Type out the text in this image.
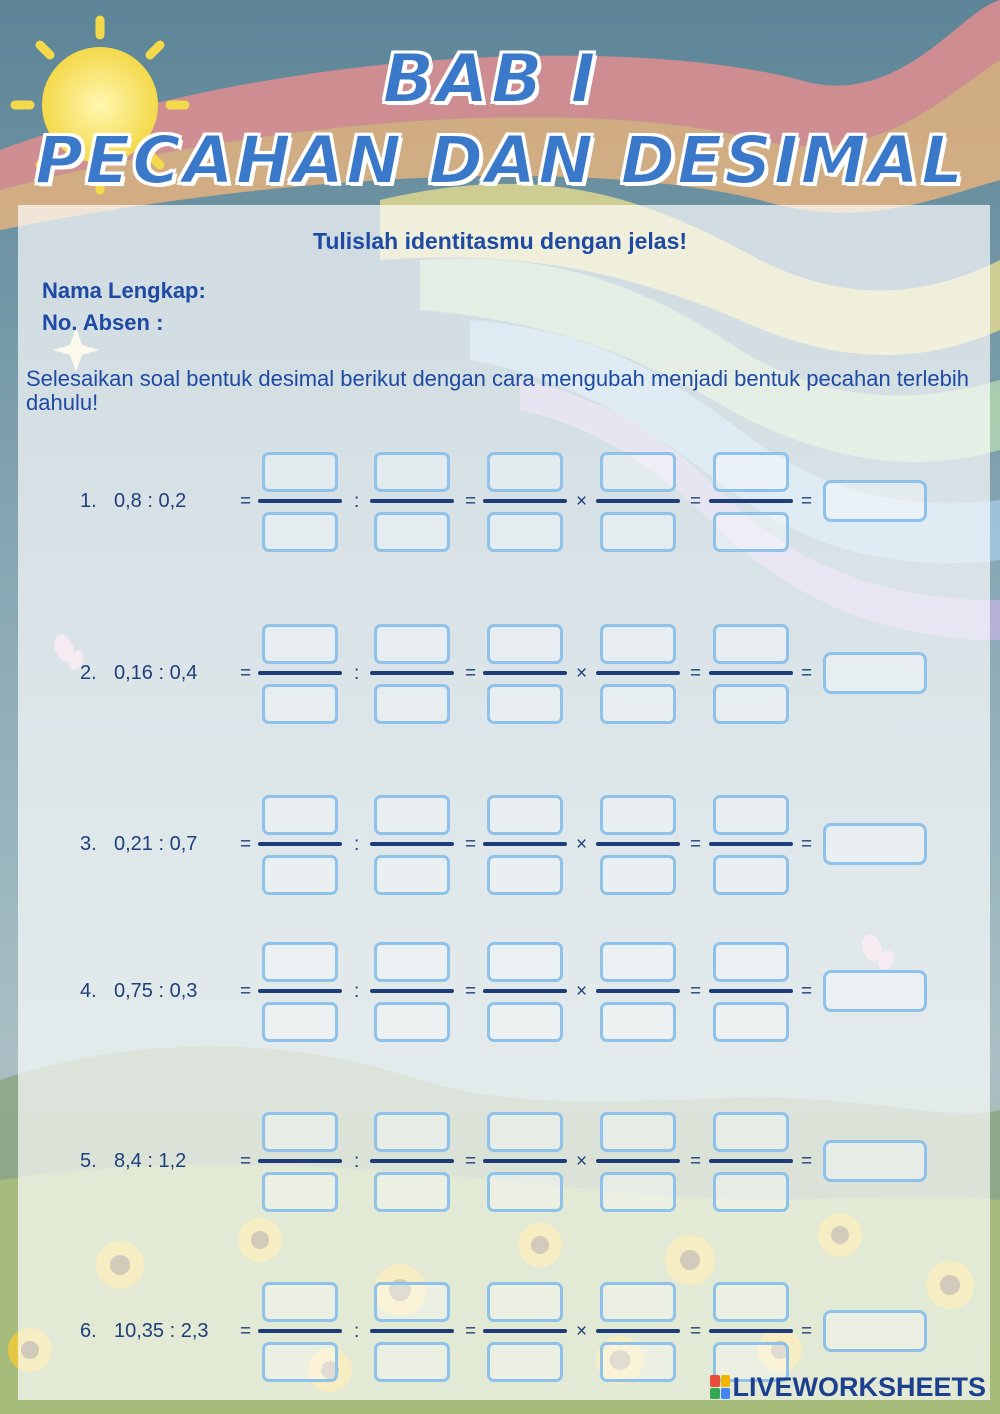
BAB I
PECAHAN DAN DESIMAL
Tulislah identitasmu dengan jelas!
Nama Lengkap:
No. Absen :
Selesaikan soal bentuk desimal berikut dengan cara mengubah menjadi bentuk pecahan terlebih dahulu!
1. 0,8 : 0,2	=	:	=	×	=	=
2. 0,16 : 0,4 =	:	=	×	=	=
3. 0,21 : 0,7 =	:	=	×	=	=
4. 0,75 : 0,3 =	:	=	×	=	=
5. 8,4 : 1,2	=	:	=	×	=	=
6. 10,35 : 2,3 =	:	=	×	=	=
LIVEWORKSHEETS
